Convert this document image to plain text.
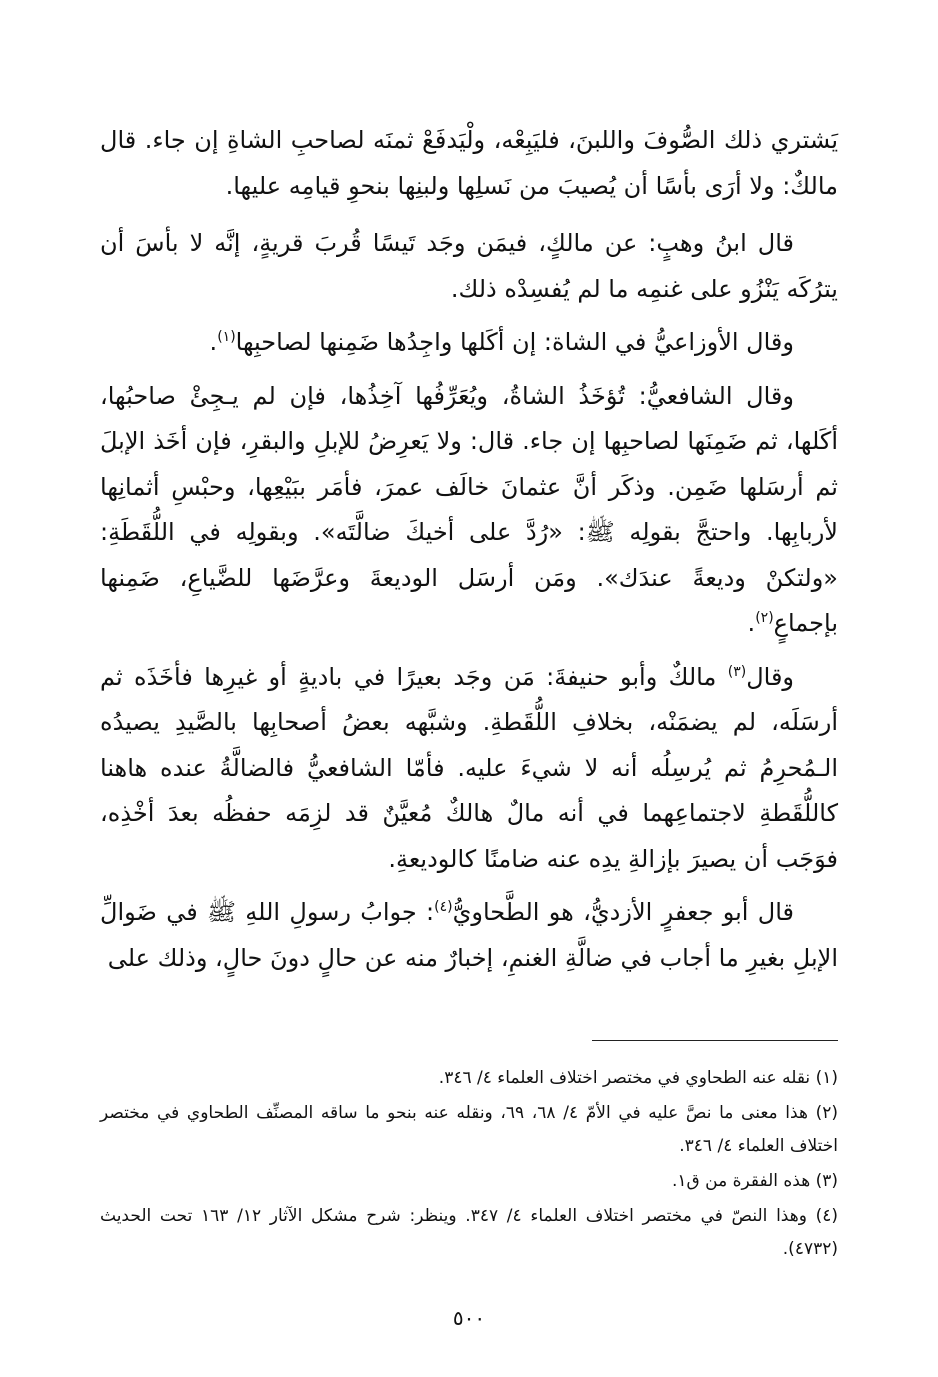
يَشتري ذلك الصُّوفَ واللبنَ، فليَبِعْه، ولْيَدفَعْ ثمنَه لصاحبِ الشاةِ إن جاء. قال مالكٌ: ولا أرَى بأسًا أن يُصيبَ من نَسلِها ولبنِها بنحوِ قيامِه عليها.

قال ابنُ وهبٍ: عن مالكٍ، فيمَن وجَد تَيسًا قُربَ قريةٍ، إنَّه لا بأسَ أن يترُكَه يَنْزُو على غنمِه ما لم يُفسِدْه ذلك.

وقال الأوزاعيُّ في الشاة: إن أكَلها واجِدُها ضَمِنها لصاحبِها$^{(١)}$.

وقال الشافعيُّ: تُؤخَذُ الشاةُ، ويُعَرِّفُها آخِذُها، فإن لم يـجِئْ صاحبُها، أكَلها، ثم ضَمِنَها لصاحبِها إن جاء. قال: ولا يَعرِضُ للإبلِ والبقرِ، فإن أخَذ الإبلَ ثم أرسَلها ضَمِن. وذكَر أنَّ عثمانَ خالَف عمرَ، فأمَر ببَيْعِها، وحبْسِ أثمانِها لأربابِها. واحتجَّ بقولِه ﷺ: «رُدَّ على أخيكَ ضالَّتَه». وبقولِه في اللُّقَطَةِ: «ولتكنْ وديعةً عندَك». ومَن أرسَل الوديعةَ وعرَّضَها للضَّياعِ، ضَمِنها بإجماعٍ$^{(٢)}$.

وقال$^{(٣)}$ مالكٌ وأبو حنيفةَ: مَن وجَد بعيرًا في باديةٍ أو غيرِها فأخَذَه ثم أرسَلَه، لم يضمَنْه، بخلافِ اللُّقَطةِ. وشبَّهه بعضُ أصحابِها بالصَّيدِ يصيدُه الـمُحرِمُ ثم يُرسِلُه أنه لا شيءَ عليه. فأمّا الشافعيُّ فالضالَّةُ عنده هاهنا كاللُّقَطةِ لاجتماعِهما في أنه مالٌ هالكٌ مُعيَّنٌ قد لزِمَه حفظُه بعدَ أخْذِه، فوَجَب أن يصيرَ بإزالةِ يدِه عنه ضامنًا كالوديعةِ.

قال أبو جعفرٍ الأزديُّ، هو الطَّحاويُّ$^{(٤)}$: جوابُ رسولِ اللهِ ﷺ في ضَوالِّ الإبلِ بغيرِ ما أجاب في ضالَّةِ الغنمِ، إخبارٌ منه عن حالٍ دونَ حالٍ، وذلك على

(١) نقله عنه الطحاوي في مختصر اختلاف العلماء ٤/ ٣٤٦.

(٢) هذا معنى ما نصَّ عليه في الأمّ ٤/ ٦٨، ٦٩، ونقله عنه بنحو ما ساقه المصنِّف الطحاوي في مختصر اختلاف العلماء ٤/ ٣٤٦.

(٣) هذه الفقرة من ق١.

(٤) وهذا النصّ في مختصر اختلاف العلماء ٤/ ٣٤٧. وينظر: شرح مشكل الآثار ١٢/ ١٦٣ تحت الحديث (٤٧٣٢).

٥٠٠
